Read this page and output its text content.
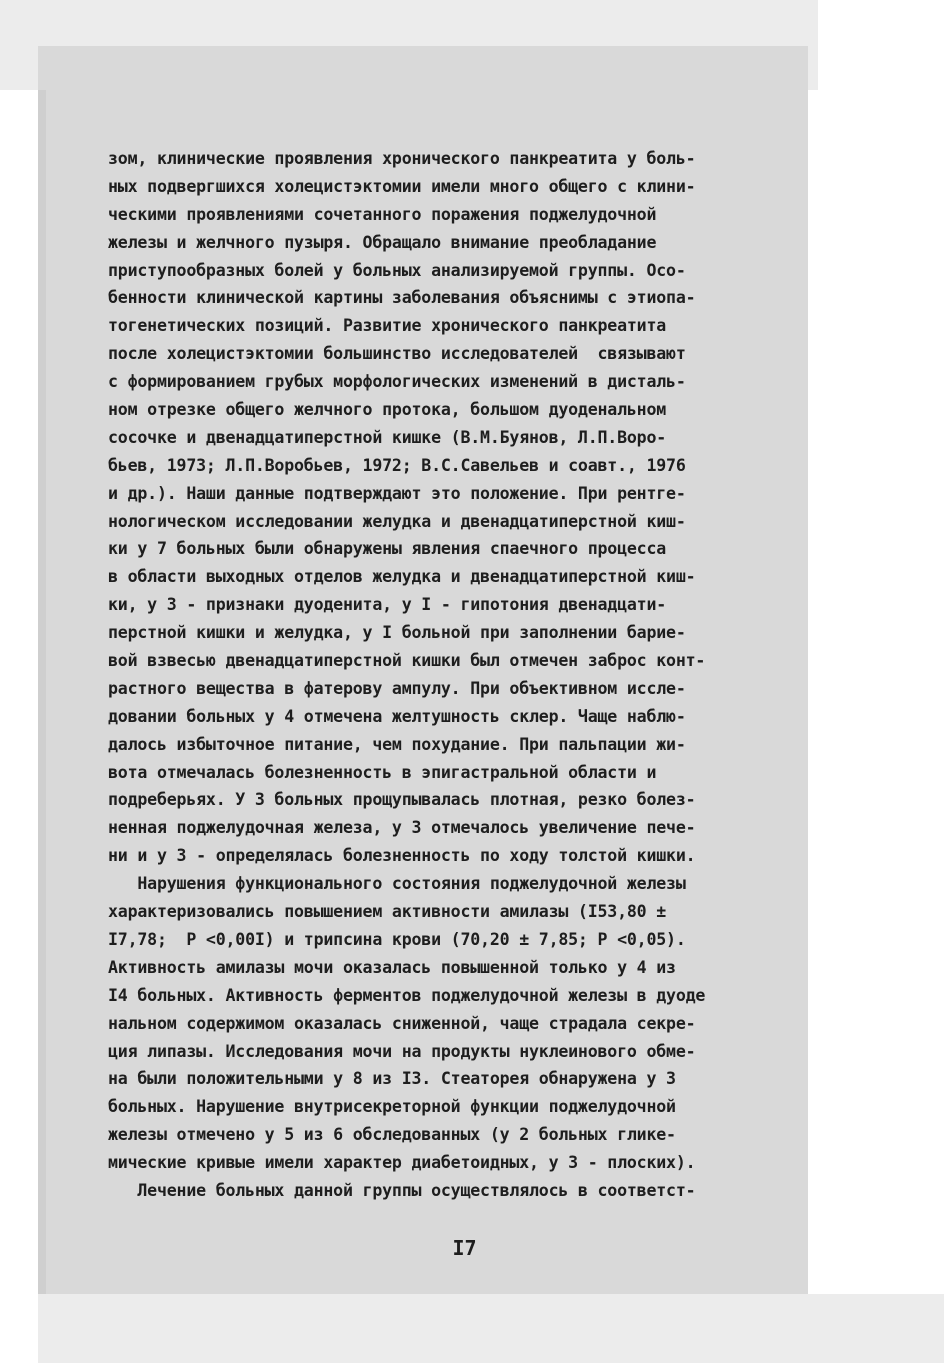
зом, клинические проявления хронического панкреатита у боль-
ных подвергшихся холецистэктомии имели много общего с клини-
ческими проявлениями сочетанного поражения поджелудочной
железы и желчного пузыря. Обращало внимание преобладание
приступообразных болей у больных анализируемой группы. Осо-
бенности клинической картины заболевания объяснимы с этиопа-
тогенетических позиций. Развитие хронического панкреатита
после холецистэктомии большинство исследователей  связывают
с формированием грубых морфологических изменений в дисталь-
ном отрезке общего желчного протока, большом дуоденальном
сосочке и двенадцатиперстной кишке (В.М.Буянов, Л.П.Воро-
бьев, 1973; Л.П.Воробьев, 1972; В.С.Савельев и соавт., 1976
и др.). Наши данные подтверждают это положение. При рентге-
нологическом исследовании желудка и двенадцатиперстной киш-
ки у 7 больных были обнаружены явления спаечного процесса
в области выходных отделов желудка и двенадцатиперстной киш-
ки, у 3 - признаки дуоденита, у I - гипотония двенадцати-
перстной кишки и желудка, у I больной при заполнении барие-
вой взвесью двенадцатиперстной кишки был отмечен заброс конт-
растного вещества в фатерову ампулу. При объективном иссле-
довании больных у 4 отмечена желтушность склер. Чаще наблю-
далось избыточное питание, чем похудание. При пальпации жи-
вота отмечалась болезненность в эпигастральной области и
подреберьях. У 3 больных прощупывалась плотная, резко болез-
ненная поджелудочная железа, у 3 отмечалось увеличение пече-
ни и у 3 - определялась болезненность по ходу толстой кишки.
Нарушения функционального состояния поджелудочной железы
характеризовались повышением активности амилазы (I53,80 ±
I7,78;  P <0,00I) и трипсина крови (70,20 ± 7,85; P <0,05).
Активность амилазы мочи оказалась повышенной только у 4 из
I4 больных. Активность ферментов поджелудочной железы в дуоде
нальном содержимом оказалась сниженной, чаще страдала секре-
ция липазы. Исследования мочи на продукты нуклеинового обме-
на были положительными у 8 из I3. Стеаторея обнаружена у 3
больных. Нарушение внутрисекреторной функции поджелудочной
железы отмечено у 5 из 6 обследованных (у 2 больных глике-
мические кривые имели характер диабетоидных, у 3 - плоских).
Лечение больных данной группы осуществлялось в соответст-
I7
